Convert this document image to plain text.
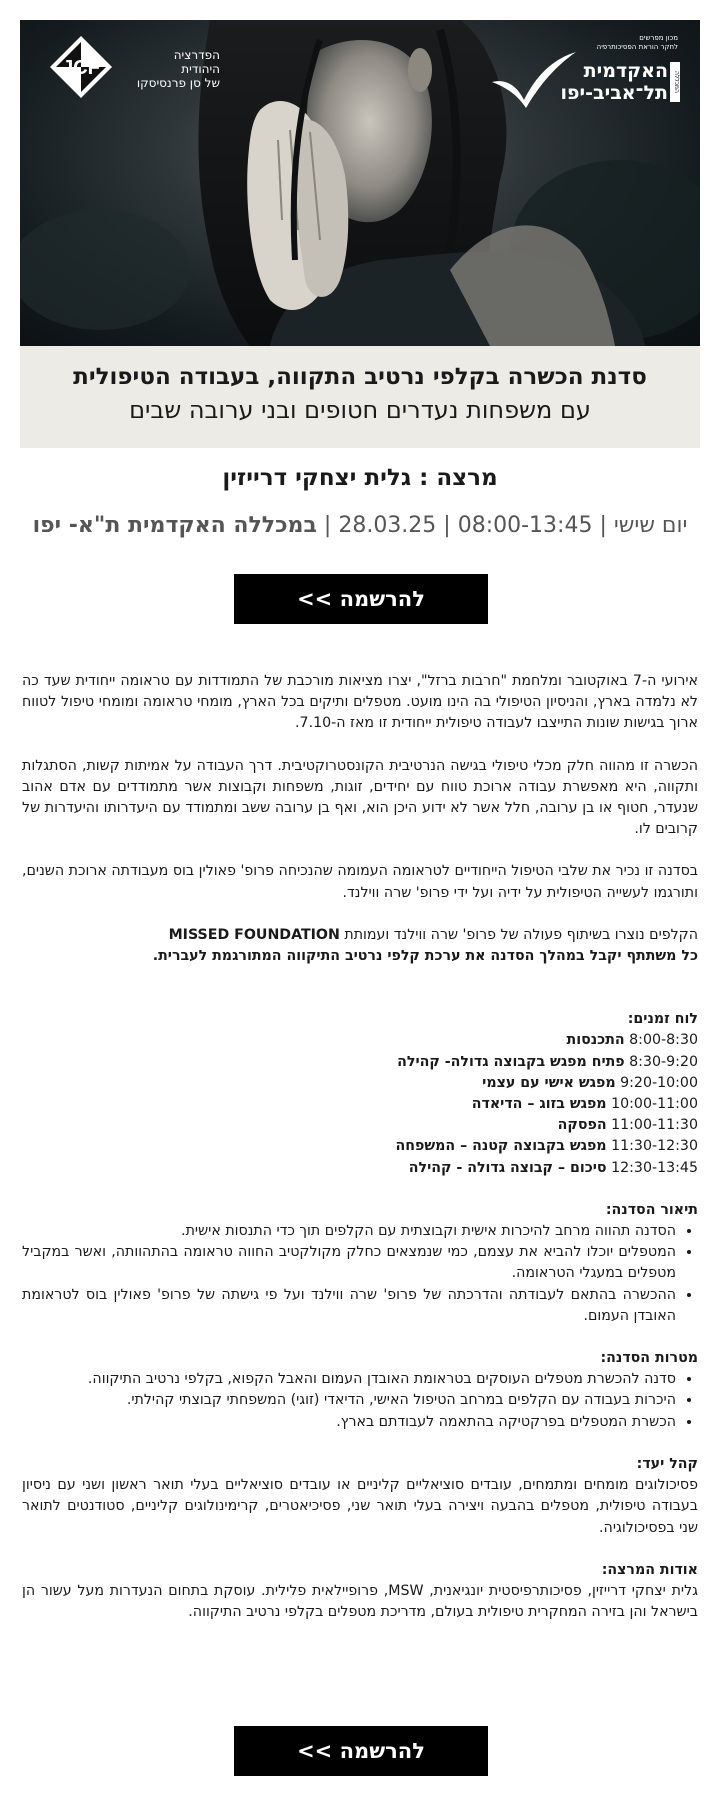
JCF
הפדרציה
היהודית
של סן פרנסיסקו
מכון מפרשים
לחקר הוראת הפסיכותרפיה
האקדמית
תל־אביב-יפו
המכללה
סדנת הכשרה בקלפי נרטיב התקווה, בעבודה הטיפולית
עם משפחות נעדרים חטופים ובני ערובה שבים
מרצה : גלית יצחקי דרייזין
יום שישי | 28.03.25 | 08:00-13:45 | במכללה האקדמית ת"א- יפו
להרשמה >>

אירועי ה-7 באוקטובר ומלחמת "חרבות ברזל", יצרו מציאות מורכבת של התמודדות עם טראומה ייחודית שעד כה לא נלמדה בארץ, והניסיון הטיפולי בה הינו מועט. מטפלים ותיקים בכל הארץ, מומחי טראומה ומומחי טיפול לטווח ארוך בגישות שונות התייצבו לעבודה טיפולית ייחודית זו מאז ה-7.10.

הכשרה זו מהווה חלק מכלי טיפולי בגישה הנרטיבית הקונסטרוקטיבית. דרך העבודה על אמיתות קשות, הסתגלות ותקווה, היא מאפשרת עבודה ארוכת טווח עם יחידים, זוגות, משפחות וקבוצות אשר מתמודדים עם אדם אהוב שנעדר, חטוף או בן ערובה, חלל אשר לא ידוע היכן הוא, ואף בן ערובה ששב ומתמודד עם היעדרותו והיעדרות של קרובים לו.

בסדנה זו נכיר את שלבי הטיפול הייחודיים לטראומה העמומה שהנכיחה פרופ' פאולין בוס מעבודתה ארוכת השנים, ותורגמו לעשייה הטיפולית על ידיה ועל ידי פרופ' שרה ווילנד.

הקלפים נוצרו בשיתוף פעולה של פרופ' שרה ווילנד ועמותת MISSED FOUNDATION
כל משתתף יקבל במהלך הסדנה את ערכת קלפי נרטיב התיקווה המתורגמת לעברית.
לוח זמנים:
8:00-8:30 התכנסות
8:30-9:20 פתיח מפגש בקבוצה גדולה- קהילה
9:20-10:00 מפגש אישי עם עצמי
10:00-11:00 מפגש בזוג – הדיאדה
11:00-11:30 הפסקה
11:30-12:30 מפגש בקבוצה קטנה – המשפחה
12:30-13:45 סיכום – קבוצה גדולה - קהילה
תיאור הסדנה:
• הסדנה תהווה מרחב להיכרות אישית וקבוצתית עם הקלפים תוך כדי התנסות אישית.
• המטפלים יוכלו להביא את עצמם, כמי שנמצאים כחלק מקולקטיב החווה טראומה בהתהוותה, ואשר במקביל מטפלים במעגלי הטראומה.
• ההכשרה בהתאם לעבודתה והדרכתה של פרופ' שרה ווילנד ועל פי גישתה של פרופ' פאולין בוס לטראומת האובדן העמום.
מטרות הסדנה:
• סדנה להכשרת מטפלים העוסקים בטראומת האובדן העמום והאבל הקפוא, בקלפי נרטיב התיקווה.
• היכרות בעבודה עם הקלפים במרחב הטיפול האישי, הדיאדי (זוגי) המשפחתי קבוצתי קהילתי.
• הכשרת המטפלים בפרקטיקה בהתאמה לעבודתם בארץ.
קהל יעד:
פסיכולוגים מומחים ומתמחים, עובדים סוציאליים קליניים או עובדים סוציאליים בעלי תואר ראשון ושני עם ניסיון בעבודה טיפולית, מטפלים בהבעה ויצירה בעלי תואר שני, פסיכיאטרים, קרימינולוגים קליניים, סטודנטים לתואר שני בפסיכולוגיה.
אודות המרצה:
גלית יצחקי דרייזין, פסיכותרפיסטית יונגיאנית, MSW, פרופיילאית פלילית. עוסקת בתחום הנעדרות מעל עשור הן בישראל והן בזירה המחקרית טיפולית בעולם, מדריכת מטפלים בקלפי נרטיב התיקווה.
להרשמה >>
